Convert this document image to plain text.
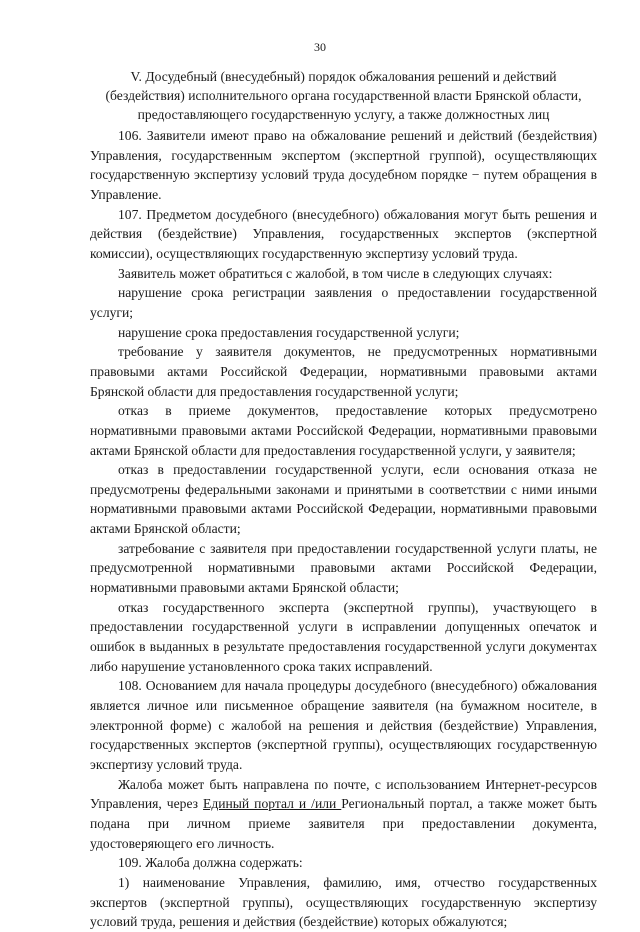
30
V. Досудебный (внесудебный) порядок обжалования решений и действий (бездействия) исполнительного органа государственной власти Брянской области, предоставляющего государственную услугу, а также должностных лиц

106. Заявители имеют право на обжалование решений и действий (бездействия) Управления, государственным экспертом (экспертной группой), осуществляющих государственную экспертизу условий труда досудебном порядке − путем обращения в Управление.

107. Предметом досудебного (внесудебного) обжалования могут быть решения и действия (бездействие) Управления, государственных экспертов (экспертной комиссии), осуществляющих государственную экспертизу условий труда.

Заявитель может обратиться с жалобой, в том числе в следующих случаях:

нарушение срока регистрации заявления о предоставлении государственной услуги;

нарушение срока предоставления государственной услуги;

требование у заявителя документов, не предусмотренных нормативными правовыми актами Российской Федерации, нормативными правовыми актами Брянской области для предоставления государственной услуги;

отказ в приеме документов, предоставление которых предусмотрено нормативными правовыми актами Российской Федерации, нормативными правовыми актами Брянской области для предоставления государственной услуги, у заявителя;

отказ в предоставлении государственной услуги, если основания отказа не предусмотрены федеральными законами и принятыми в соответствии с ними иными нормативными правовыми актами Российской Федерации, нормативными правовыми актами Брянской области;

затребование с заявителя при предоставлении государственной услуги платы, не предусмотренной нормативными правовыми актами Российской Федерации, нормативными правовыми актами Брянской области;

отказ государственного эксперта (экспертной группы), участвующего в предоставлении государственной услуги в исправлении допущенных опечаток и ошибок в выданных в результате предоставления государственной услуги документах либо нарушение установленного срока таких исправлений.

108. Основанием для начала процедуры досудебного (внесудебного) обжалования является личное или письменное обращение заявителя (на бумажном носителе, в электронной форме) с жалобой на решения и действия (бездействие) Управления, государственных экспертов (экспертной группы), осуществляющих государственную экспертизу условий труда.

Жалоба может быть направлена по почте, с использованием Интернет-ресурсов Управления, через Единый портал и /или Региональный портал, а также может быть подана при личном приеме заявителя при предоставлении документа, удостоверяющего его личность.

109. Жалоба должна содержать:

1) наименование Управления, фамилию, имя, отчество государственных экспертов (экспертной группы), осуществляющих государственную экспертизу условий труда, решения и действия (бездействие) которых обжалуются;
